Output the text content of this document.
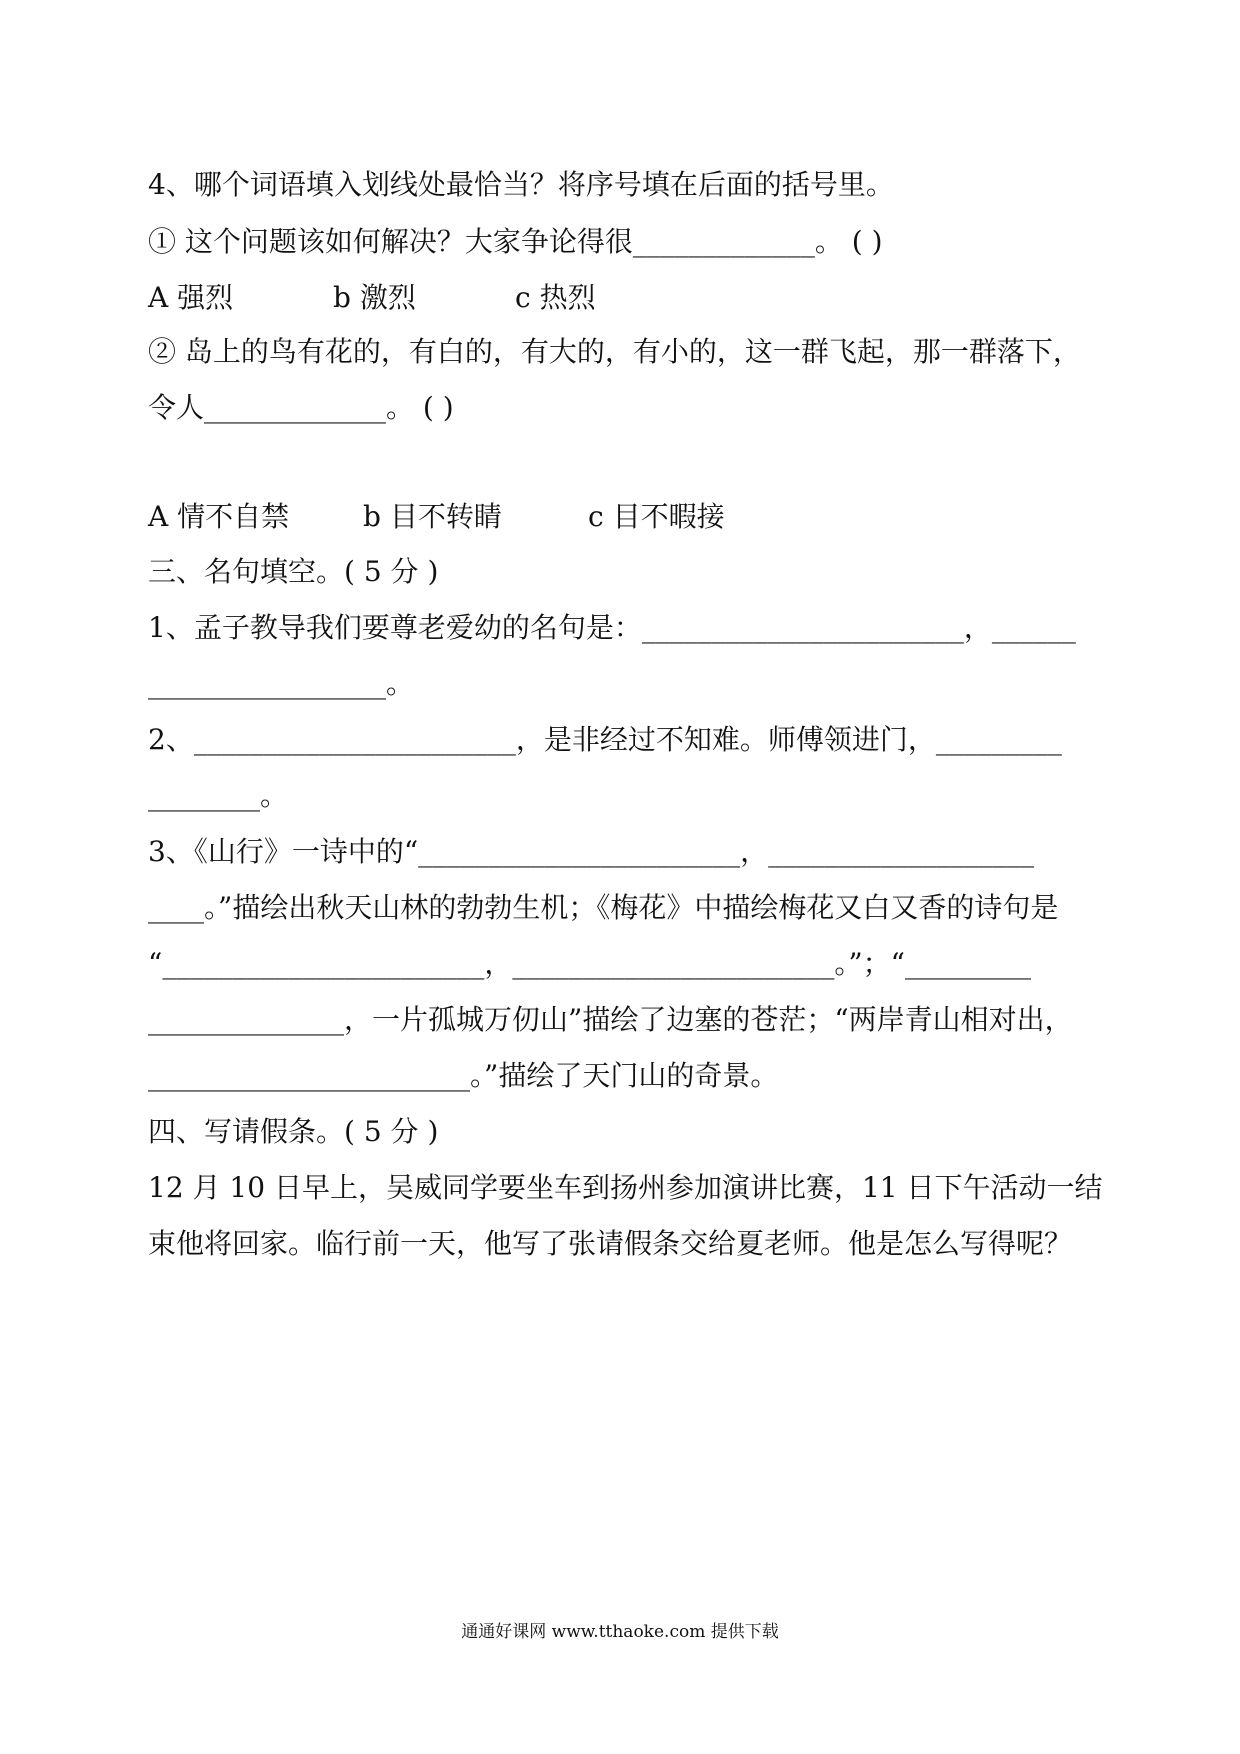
4、哪个词语填入划线处最恰当？将序号填在后面的括号里。
① 这个问题该如何解决？大家争论得很_____________。 ( )
A 强烈	b 激烈	c 热烈
② 岛上的鸟有花的，有白的，有大的，有小的，这一群飞起，那一群落下，
令人_____________。 ( )
A 情不自禁	b 目不转睛	c 目不暇接
三、名句填空。( 5 分 )
1、孟子教导我们要尊老爱幼的名句是：_______________________，______
_________________。
2、_______________________，是非经过不知难。师傅领进门，_________
________。
3、《山行》一诗中的“_______________________，___________________
____。”描绘出秋天山林的勃勃生机；《梅花》中描绘梅花又白又香的诗句是
“_______________________，_______________________。”；“_________
______________，一片孤城万仞山”描绘了边塞的苍茫；“两岸青山相对出，
_______________________。”描绘了天门山的奇景。
四、写请假条。( 5 分 )
12 月 10 日早上，吴威同学要坐车到扬州参加演讲比赛，11 日下午活动一结
束他将回家。临行前一天，他写了张请假条交给夏老师。他是怎么写得呢？
通通好课网 www.tthaoke.com 提供下载
